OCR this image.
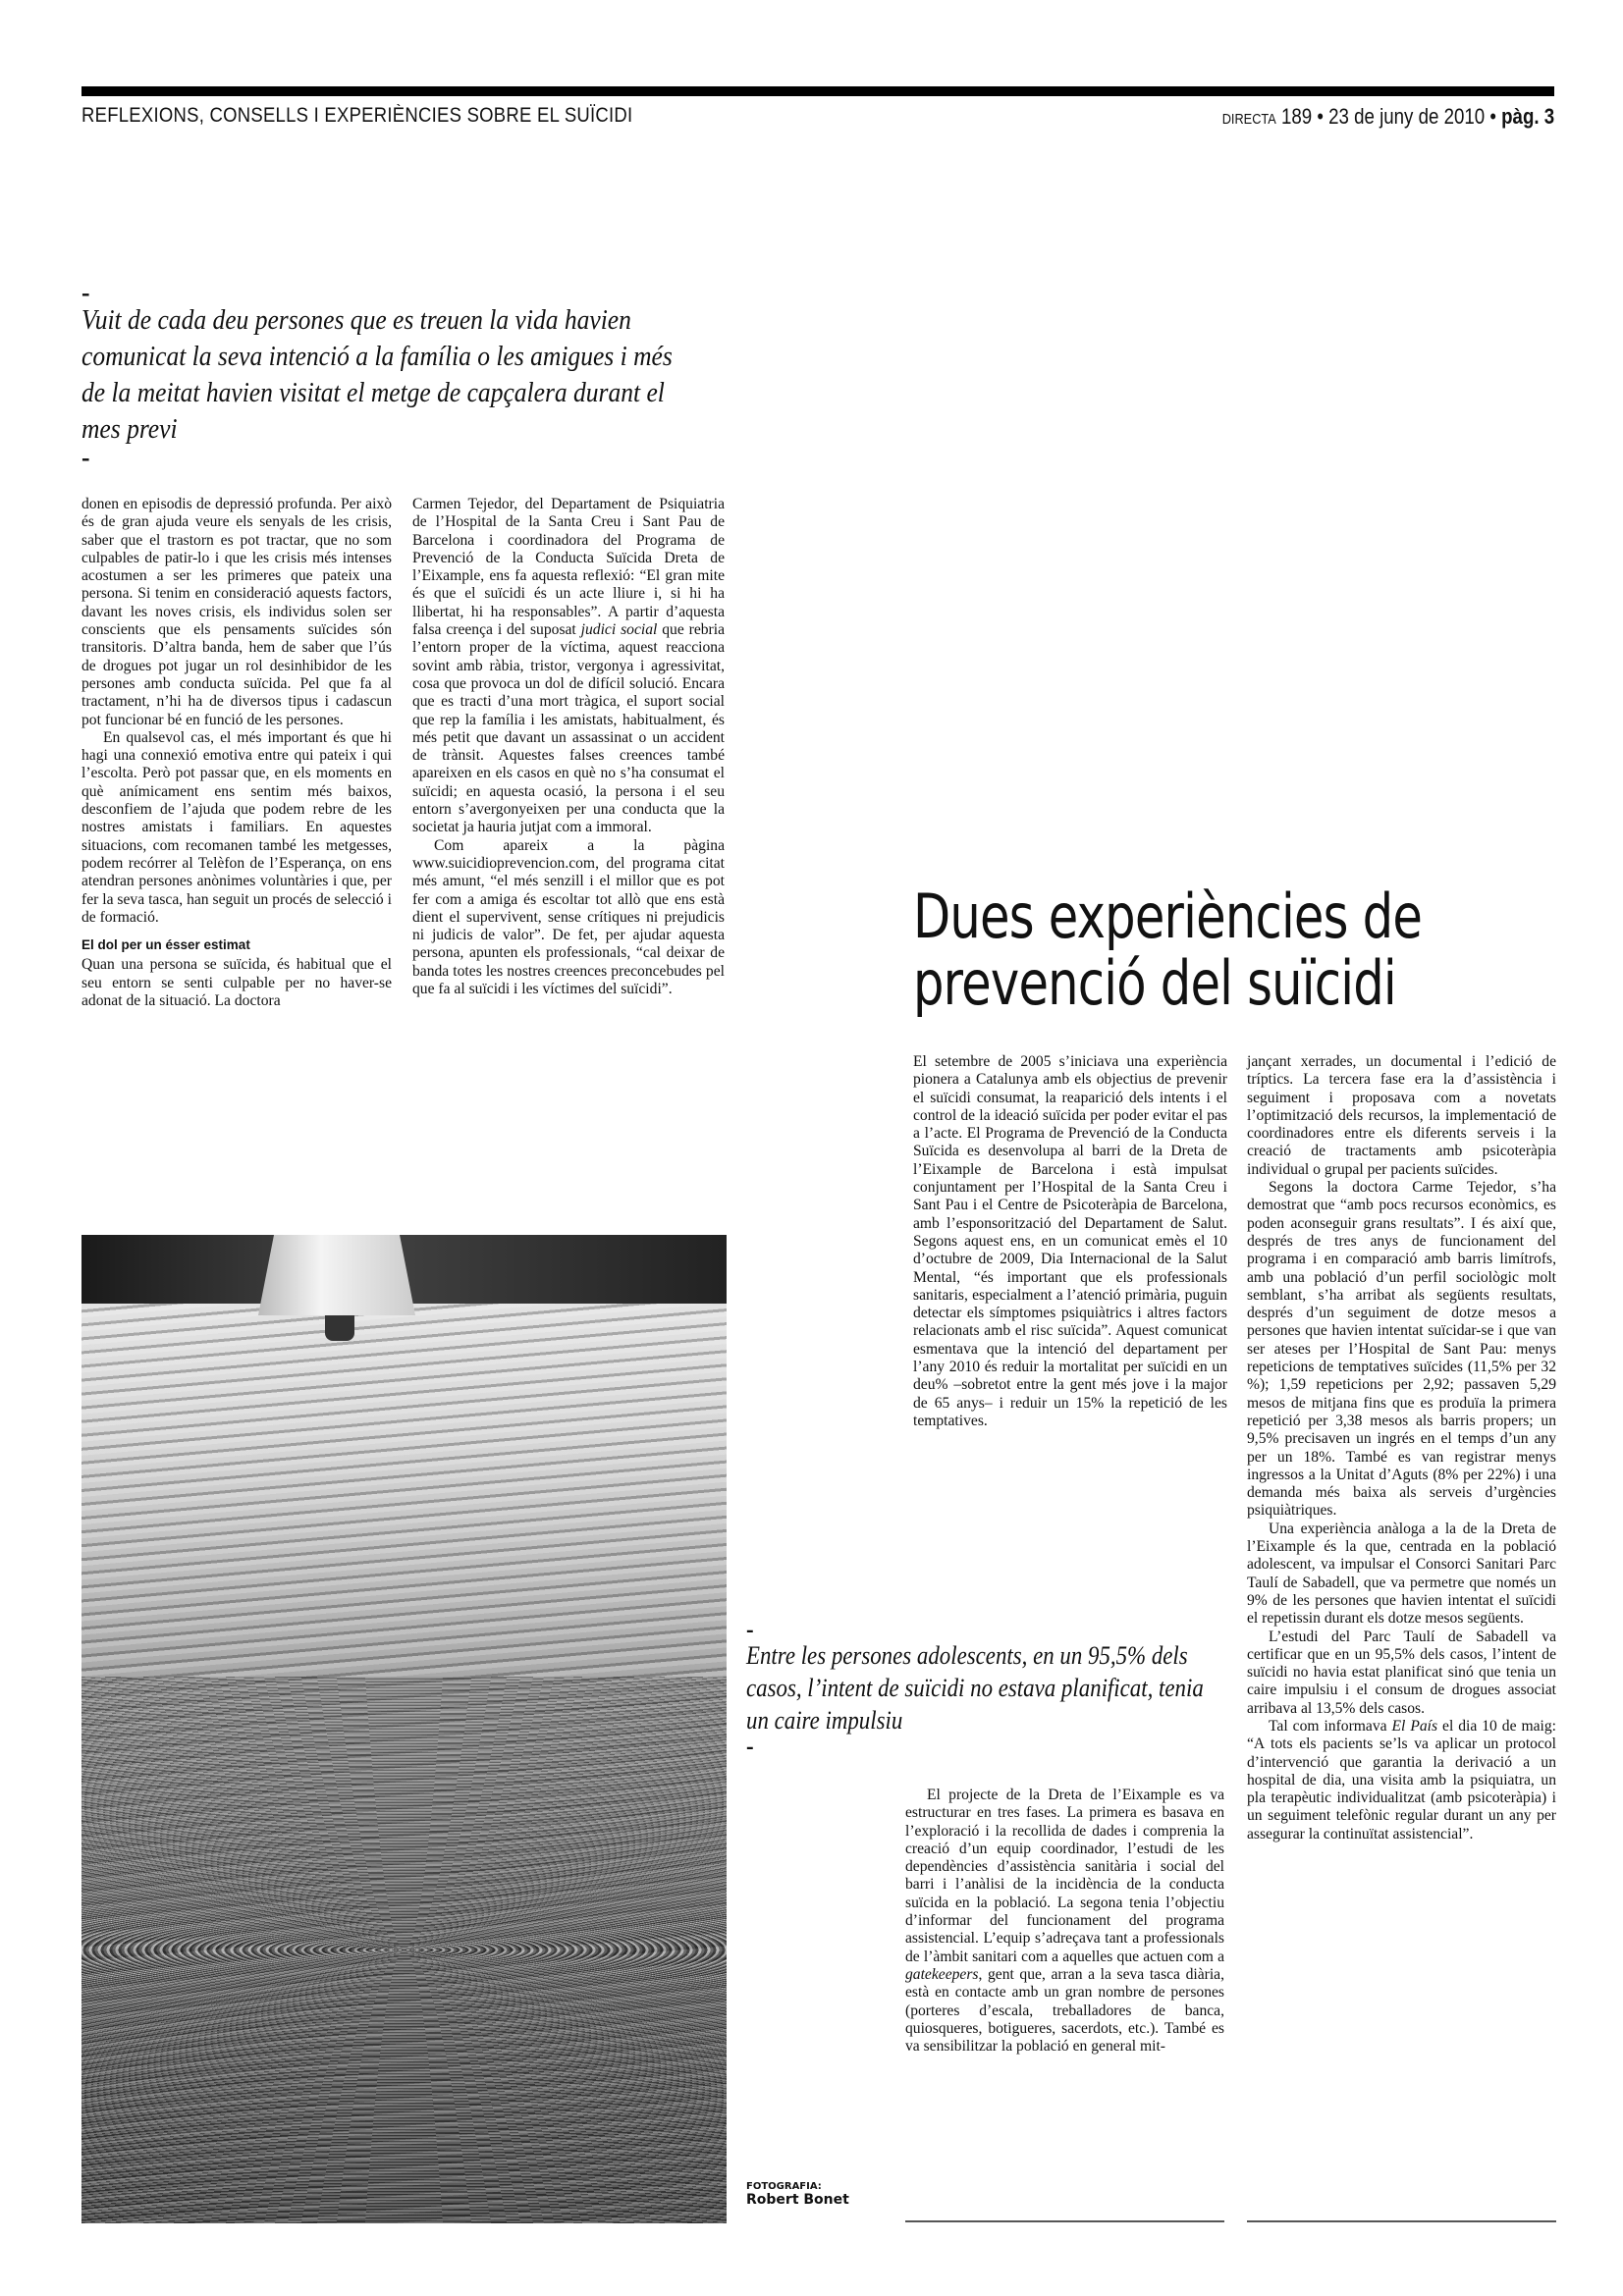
REFLEXIONS, CONSELLS I EXPERIÈNCIES SOBRE EL SUÏCIDI	DIRECTA 189 • 23 de juny de 2010 • pàg. 3
-
Vuit de cada deu persones que es treuen la vida havien comunicat la seva intenció a la família o les amigues i més de la meitat havien visitat el metge de capçalera durant el mes previ
-

donen en episodis de depressió profunda. Per això és de gran ajuda veure els senyals de les crisis, saber que el trastorn es pot tractar, que no som culpables de patir-lo i que les crisis més intenses acostumen a ser les primeres que pateix una persona. Si tenim en consideració aquests factors, davant les noves crisis, els individus solen ser conscients que els pensaments suïcides són transitoris. D’altra banda, hem de saber que l’ús de drogues pot jugar un rol desinhibidor de les persones amb conducta suïcida. Pel que fa al tractament, n’hi ha de diversos tipus i cadascun pot funcionar bé en funció de les persones.

En qualsevol cas, el més important és que hi hagi una connexió emotiva entre qui pateix i qui l’escolta. Però pot passar que, en els moments en què anímicament ens sentim més baixos, desconfiem de l’ajuda que podem rebre de les nostres amistats i familiars. En aquestes situacions, com recomanen també les metgesses, podem recórrer al Telèfon de l’Esperança, on ens atendran persones anònimes voluntàries i que, per fer la seva tasca, han seguit un procés de selecció i de formació.

El dol per un ésser estimat

Quan una persona se suïcida, és habitual que el seu entorn se senti culpable per no haver-se adonat de la situació. La doctora

Carmen Tejedor, del Departament de Psiquiatria de l’Hospital de la Santa Creu i Sant Pau de Barcelona i coordinadora del Programa de Prevenció de la Conducta Suïcida Dreta de l’Eixample, ens fa aquesta reflexió: “El gran mite és que el suïcidi és un acte lliure i, si hi ha llibertat, hi ha responsables”. A partir d’aquesta falsa creença i del suposat judici social que rebria l’entorn proper de la víctima, aquest reacciona sovint amb ràbia, tristor, vergonya i agressivitat, cosa que provoca un dol de difícil solució. Encara que es tracti d’una mort tràgica, el suport social que rep la família i les amistats, habitualment, és més petit que davant un assassinat o un accident de trànsit. Aquestes falses creences també apareixen en els casos en què no s’ha consumat el suïcidi; en aquesta ocasió, la persona i el seu entorn s’avergonyeixen per una conducta que la societat ja hauria jutjat com a immoral.

Com apareix a la pàgina www.suicidioprevencion.com, del programa citat més amunt, “el més senzill i el millor que es pot fer com a amiga és escoltar tot allò que ens està dient el supervivent, sense crítiques ni prejudicis ni judicis de valor”. De fet, per ajudar aquesta persona, apunten els professionals, “cal deixar de banda totes les nostres creences preconcebudes pel que fa al suïcidi i les víctimes del suïcidi”.

Dues experiències de prevenció del suïcidi

El setembre de 2005 s’iniciava una experiència pionera a Catalunya amb els objectius de prevenir el suïcidi consumat, la reaparició dels intents i el control de la ideació suïcida per poder evitar el pas a l’acte. El Programa de Prevenció de la Conducta Suïcida es desenvolupa al barri de la Dreta de l’Eixample de Barcelona i està impulsat conjuntament per l’Hospital de la Santa Creu i Sant Pau i el Centre de Psicoteràpia de Barcelona, amb l’esponsorització del Departament de Salut. Segons aquest ens, en un comunicat emès el 10 d’octubre de 2009, Dia Internacional de la Salut Mental, “és important que els professionals sanitaris, especialment a l’atenció primària, puguin detectar els símptomes psiquiàtrics i altres factors relacionats amb el risc suïcida”. Aquest comunicat esmentava que la intenció del departament per l’any 2010 és reduir la mortalitat per suïcidi en un deu% –sobretot entre la gent més jove i la major de 65 anys– i reduir un 15% la repetició de les temptatives.

-
Entre les persones adolescents, en un 95,5% dels casos, l’intent de suïcidi no estava planificat, tenia un caire impulsiu
-

El projecte de la Dreta de l’Eixample es va estructurar en tres fases. La primera es basava en l’exploració i la recollida de dades i comprenia la creació d’un equip coordinador, l’estudi de les dependències d’assistència sanitària i social del barri i l’anàlisi de la incidència de la conducta suïcida en la població. La segona tenia l’objectiu d’informar del funcionament del programa assistencial. L’equip s’adreçava tant a professionals de l’àmbit sanitari com a aquelles que actuen com a gatekeepers, gent que, arran a la seva tasca diària, està en contacte amb un gran nombre de persones (porteres d’escala, treballadores de banca, quiosqueres, botigueres, sacerdots, etc.). També es va sensibilitzar la població en general mit-

jançant xerrades, un documental i l’edició de tríptics. La tercera fase era la d’assistència i seguiment i proposava com a novetats l’optimització dels recursos, la implementació de coordinadores entre els diferents serveis i la creació de tractaments amb psicoteràpia individual o grupal per pacients suïcides.

Segons la doctora Carme Tejedor, s’ha demostrat que “amb pocs recursos econòmics, es poden aconseguir grans resultats”. I és així que, després de tres anys de funcionament del programa i en comparació amb barris limítrofs, amb una població d’un perfil sociològic molt semblant, s’ha arribat als següents resultats, després d’un seguiment de dotze mesos a persones que havien intentat suïcidar-se i que van ser ateses per l’Hospital de Sant Pau: menys repeticions de temptatives suïcides (11,5% per 32 %); 1,59 repeticions per 2,92; passaven 5,29 mesos de mitjana fins que es produïa la primera repetició per 3,38 mesos als barris propers; un 9,5% precisaven un ingrés en el temps d’un any per un 18%. També es van registrar menys ingressos a la Unitat d’Aguts (8% per 22%) i una demanda més baixa als serveis d’urgències psiquiàtriques.

Una experiència anàloga a la de la Dreta de l’Eixample és la que, centrada en la població adolescent, va impulsar el Consorci Sanitari Parc Taulí de Sabadell, que va permetre que només un 9% de les persones que havien intentat el suïcidi el repetissin durant els dotze mesos següents.

L’estudi del Parc Taulí de Sabadell va certificar que en un 95,5% dels casos, l’intent de suïcidi no havia estat planificat sinó que tenia un caire impulsiu i el consum de drogues associat arribava al 13,5% dels casos.

Tal com informava El País el dia 10 de maig: “A tots els pacients se’ls va aplicar un protocol d’intervenció que garantia la derivació a un hospital de dia, una visita amb la psiquiatra, un pla terapèutic individualitzat (amb psicoteràpia) i un seguiment telefònic regular durant un any per assegurar la continuïtat assistencial”.

FOTOGRAFIA:
Robert Bonet
